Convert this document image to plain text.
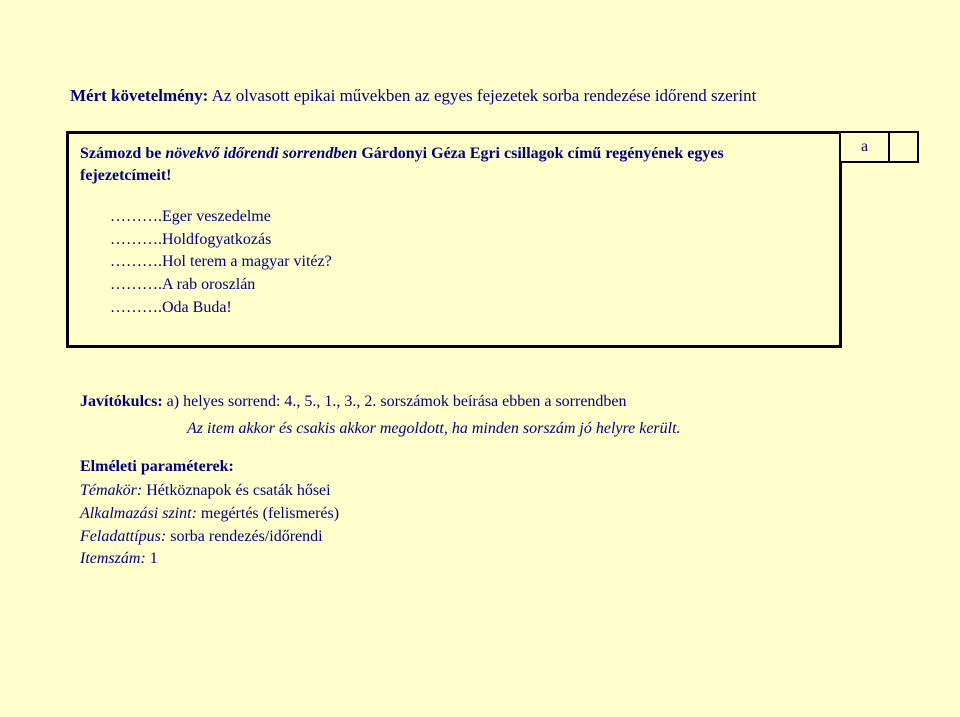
Mért követelmény: Az olvasott epikai művekben az egyes fejezetek sorba rendezése időrend szerint
Számozd be növekvő időrendi sorrendben Gárdonyi Géza Egri csillagok című regényének egyes
fejezetcímeit!
……….Eger veszedelme
……….Holdfogyatkozás
……….Hol terem a magyar vitéz?
……….A rab oroszlán
……….Oda Buda!
a
Javítókulcs: a) helyes sorrend: 4., 5., 1., 3., 2. sorszámok beírása ebben a sorrendben
Az item akkor és csakis akkor megoldott, ha minden sorszám jó helyre került.
Elméleti paraméterek:
Témakör: Hétköznapok és csaták hősei
Alkalmazási szint: megértés (felismerés)
Feladattípus: sorba rendezés/időrendi
Itemszám: 1
